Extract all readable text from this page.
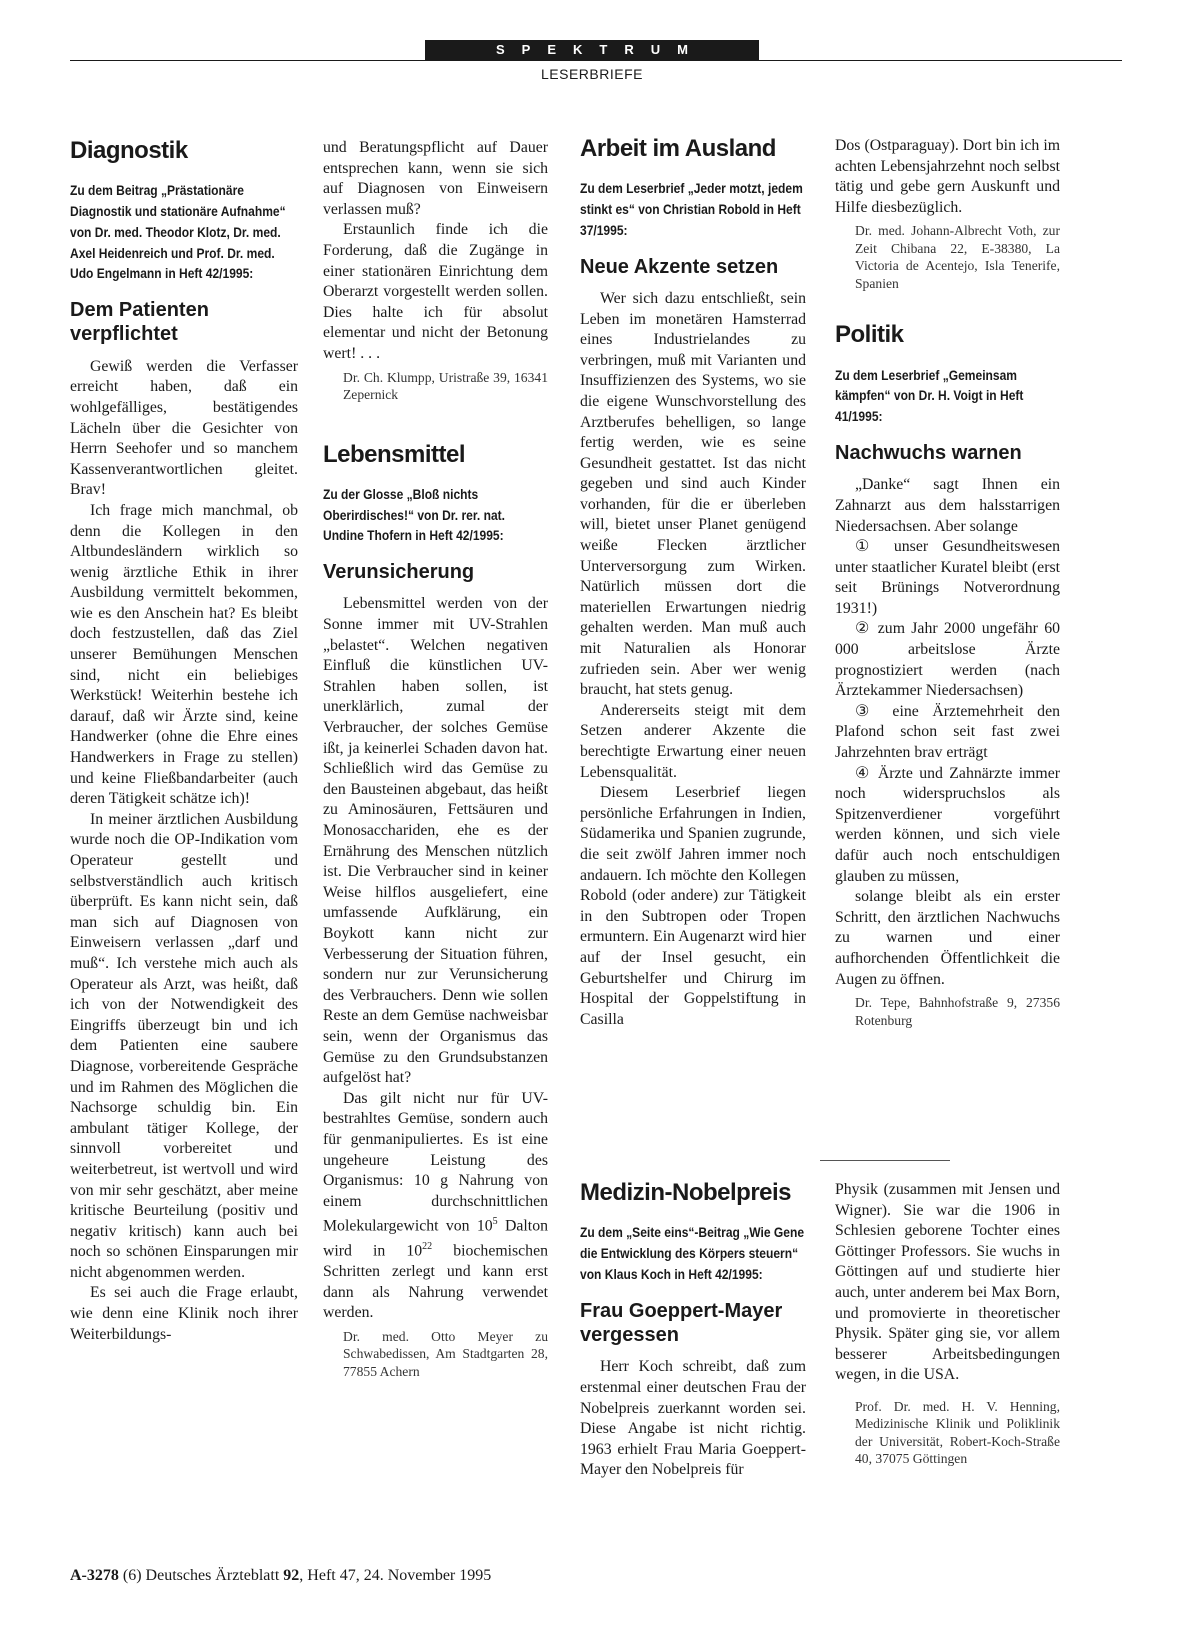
SPEKTRUM
LESERBRIEFE
Diagnostik
Zu dem Beitrag „Prästationäre Diagnostik und stationäre Aufnahme“ von Dr. med. Theodor Klotz, Dr. med. Axel Heidenreich und Prof. Dr. med. Udo Engelmann in Heft 42/1995:
Dem Patienten verpflichtet

Gewiß werden die Verfasser erreicht haben, daß ein wohlgefälliges, bestätigendes Lächeln über die Gesichter von Herrn Seehofer und so manchem Kassenverantwortlichen gleitet. Brav!

Ich frage mich manchmal, ob denn die Kollegen in den Altbundesländern wirklich so wenig ärztliche Ethik in ihrer Ausbildung vermittelt bekommen, wie es den Anschein hat? Es bleibt doch festzustellen, daß das Ziel unserer Bemühungen Menschen sind, nicht ein beliebiges Werkstück! Weiterhin bestehe ich darauf, daß wir Ärzte sind, keine Handwerker (ohne die Ehre eines Handwerkers in Frage zu stellen) und keine Fließbandarbeiter (auch deren Tätigkeit schätze ich)!

In meiner ärztlichen Ausbildung wurde noch die OP-Indikation vom Operateur gestellt und selbstverständlich auch kritisch überprüft. Es kann nicht sein, daß man sich auf Diagnosen von Einweisern verlassen „darf und muß“. Ich verstehe mich auch als Operateur als Arzt, was heißt, daß ich von der Notwendigkeit des Eingriffs überzeugt bin und ich dem Patienten eine saubere Diagnose, vorbereitende Gespräche und im Rahmen des Möglichen die Nachsorge schuldig bin. Ein ambulant tätiger Kollege, der sinnvoll vorbereitet und weiterbetreut, ist wertvoll und wird von mir sehr geschätzt, aber meine kritische Beurteilung (positiv und negativ kritisch) kann auch bei noch so schönen Einsparungen mir nicht abgenommen werden.

Es sei auch die Frage erlaubt, wie denn eine Klinik noch ihrer Weiterbildungs-

und Beratungspflicht auf Dauer entsprechen kann, wenn sie sich auf Diagnosen von Einweisern verlassen muß?

Erstaunlich finde ich die Forderung, daß die Zugänge in einer stationären Einrichtung dem Oberarzt vorgestellt werden sollen. Dies halte ich für absolut elementar und nicht der Betonung wert! . . .

Dr. Ch. Klumpp, Uristraße 39, 16341 Zepernick

Lebensmittel
Zu der Glosse „Bloß nichts Oberirdisches!“ von Dr. rer. nat. Undine Thofern in Heft 42/1995:
Verunsicherung

Lebensmittel werden von der Sonne immer mit UV-Strahlen „belastet“. Welchen negativen Einfluß die künstlichen UV-Strahlen haben sollen, ist unerklärlich, zumal der Verbraucher, der solches Gemüse ißt, ja keinerlei Schaden davon hat. Schließlich wird das Gemüse zu den Bausteinen abgebaut, das heißt zu Aminosäuren, Fettsäuren und Monosacchariden, ehe es der Ernährung des Menschen nützlich ist. Die Verbraucher sind in keiner Weise hilflos ausgeliefert, eine umfassende Aufklärung, ein Boykott kann nicht zur Verbesserung der Situation führen, sondern nur zur Verunsicherung des Verbrauchers. Denn wie sollen Reste an dem Gemüse nachweisbar sein, wenn der Organismus das Gemüse zu den Grundsubstanzen aufgelöst hat?

Das gilt nicht nur für UV-bestrahltes Gemüse, sondern auch für genmanipuliertes. Es ist eine ungeheure Leistung des Organismus: 10 g Nahrung von einem durchschnittlichen Molekulargewicht von $10^5$ Dalton wird in $10^{22}$ biochemischen Schritten zerlegt und kann erst dann als Nahrung verwendet werden.

Dr. med. Otto Meyer zu Schwabedissen, Am Stadtgarten 28, 77855 Achern

Arbeit im Ausland
Zu dem Leserbrief „Jeder motzt, jedem stinkt es“ von Christian Robold in Heft 37/1995:
Neue Akzente setzen

Wer sich dazu entschließt, sein Leben im monetären Hamsterrad eines Industrielandes zu verbringen, muß mit Varianten und Insuffizienzen des Systems, wo sie die eigene Wunschvorstellung des Arztberufes behelligen, so lange fertig werden, wie es seine Gesundheit gestattet. Ist das nicht gegeben und sind auch Kinder vorhanden, für die er überleben will, bietet unser Planet genügend weiße Flecken ärztlicher Unterversorgung zum Wirken. Natürlich müssen dort die materiellen Erwartungen niedrig gehalten werden. Man muß auch mit Naturalien als Honorar zufrieden sein. Aber wer wenig braucht, hat stets genug.

Andererseits steigt mit dem Setzen anderer Akzente die berechtigte Erwartung einer neuen Lebensqualität.

Diesem Leserbrief liegen persönliche Erfahrungen in Indien, Südamerika und Spanien zugrunde, die seit zwölf Jahren immer noch andauern. Ich möchte den Kollegen Robold (oder andere) zur Tätigkeit in den Subtropen oder Tropen ermuntern. Ein Augenarzt wird hier auf der Insel gesucht, ein Geburtshelfer und Chirurg im Hospital der Goppelstiftung in Casilla

Dos (Ostparaguay). Dort bin ich im achten Lebensjahrzehnt noch selbst tätig und gebe gern Auskunft und Hilfe diesbezüglich.

Dr. med. Johann-Albrecht Voth, zur Zeit Chibana 22, E-38380, La Victoria de Acentejo, Isla Tenerife, Spanien

Politik
Zu dem Leserbrief „Gemeinsam kämpfen“ von Dr. H. Voigt in Heft 41/1995:
Nachwuchs warnen

„Danke“ sagt Ihnen ein Zahnarzt aus dem halsstarrigen Niedersachsen. Aber solange

① unser Gesundheitswesen unter staatlicher Kuratel bleibt (erst seit Brünings Notverordnung 1931!)

② zum Jahr 2000 ungefähr 60 000 arbeitslose Ärzte prognostiziert werden (nach Ärztekammer Niedersachsen)

③ eine Ärztemehrheit den Plafond schon seit fast zwei Jahrzehnten brav erträgt

④ Ärzte und Zahnärzte immer noch widerspruchslos als Spitzenverdiener vorgeführt werden können, und sich viele dafür auch noch entschuldigen glauben zu müssen,

solange bleibt als ein erster Schritt, den ärztlichen Nachwuchs zu warnen und einer aufhorchenden Öffentlichkeit die Augen zu öffnen.

Dr. Tepe, Bahnhofstraße 9, 27356 Rotenburg

Medizin-Nobelpreis
Zu dem „Seite eins“-Beitrag „Wie Gene die Entwicklung des Körpers steuern“ von Klaus Koch in Heft 42/1995:
Frau Goeppert-Mayer vergessen

Herr Koch schreibt, daß zum erstenmal einer deutschen Frau der Nobelpreis zuerkannt worden sei. Diese Angabe ist nicht richtig. 1963 erhielt Frau Maria Goeppert-Mayer den Nobelpreis für

Physik (zusammen mit Jensen und Wigner). Sie war die 1906 in Schlesien geborene Tochter eines Göttinger Professors. Sie wuchs in Göttingen auf und studierte hier auch, unter anderem bei Max Born, und promovierte in theoretischer Physik. Später ging sie, vor allem besserer Arbeitsbedingungen wegen, in die USA.

Prof. Dr. med. H. V. Henning, Medizinische Klinik und Poliklinik der Universität, Robert-Koch-Straße 40, 37075 Göttingen

A-3278 (6) Deutsches Ärzteblatt 92, Heft 47, 24. November 1995
